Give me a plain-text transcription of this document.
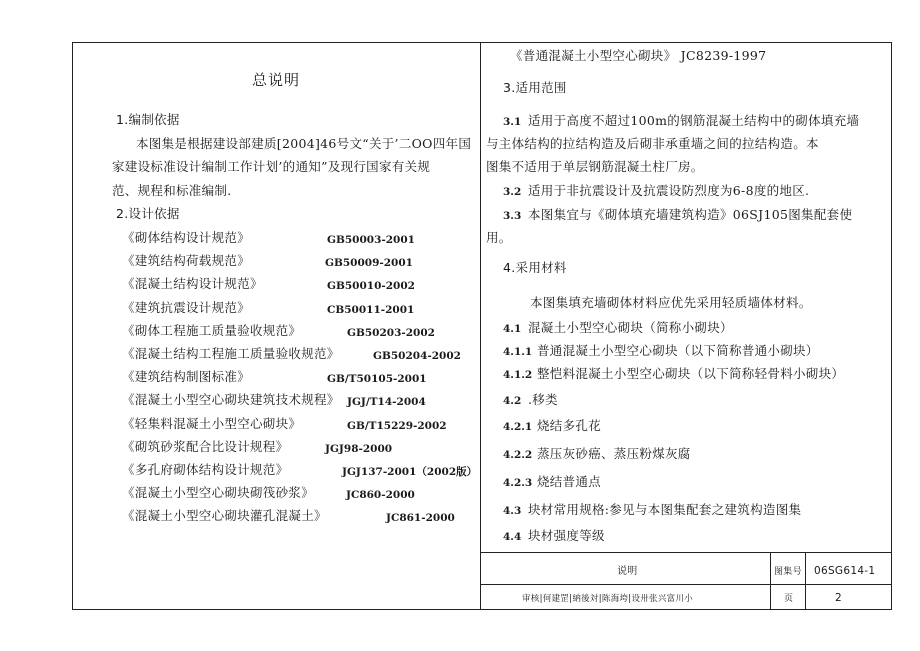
《普通混凝土小型空心砌块》 JC8239-1997
总说明
1.编制依据
本图集是根据建设部建质[2004]46号文“关于’二OO四年国
家建设标准设计编制工作计划’的通知”及现行国家有关规
范、规程和标准编制.
2.设计依据
《砌体结构设计规范》	GB50003-2001
《建筑结构荷载规范》	GB50009-2001
《混凝土结构设计规范》	GB50010-2002
《建筑抗震设计规范》	CB50011-2001
《砌体工程施工质量验收规范》	GB50203-2002
《混凝土结构工程施工质量验收规范》	GB50204-2002
《建筑结构制图标准》	GB/T50105-2001
《混凝土小型空心砌块建筑技术规程》 JGJ/T14-2004
《轻集料混凝土小型空心砌块》	GB/T15229-2002
《砌筑砂浆配合比设计规程》	JGJ98-2000
《多孔府砌体结构设计规范》	JGJ137-2001（2002版）
《混凝土小型空心砌块砌筏砂浆》	JC860-2000
《混凝土小型空心砌块灌孔混凝土》	JC861-2000
3.适用范围
3.1 适用于高度不超过100m的钢筋混凝土结构中的砌体填充墙
与主体结构的拉结构造及后砌非承重墙之间的拉结构造。本
图集不适用于单层钢筋混凝土柱厂房。
3.2 适用于非抗震设计及抗震设防烈度为6-8度的地区.
3.3 本图集宜与《砌体填充墙建筑构造》06SJ105图集配套使
用。
4.采用材料
本图集填充墙砌体材料应优先采用轻质墙体材料。
4.1 混凝土小型空心砌块（简称小砌块）
4.1.1 普通混凝土小型空心砌块（以下简称普通小砌块）
4.1.2 整恺料混凝土小型空心砌块（以下简称轻骨料小砌块）
4.2 .移类
4.2.1 烧结多孔花
4.2.2 蒸压灰砂癌、蒸压粉煤灰腐
4.2.3 烧结普通点
4.3 块材常用规格:参见与本图集配套之建筑构造图集
4.4 块材强度等级
说明	图集号 06SG614-1
审核|何建罡|納後対|陈海垮|设卅张兴富川小	页	2
